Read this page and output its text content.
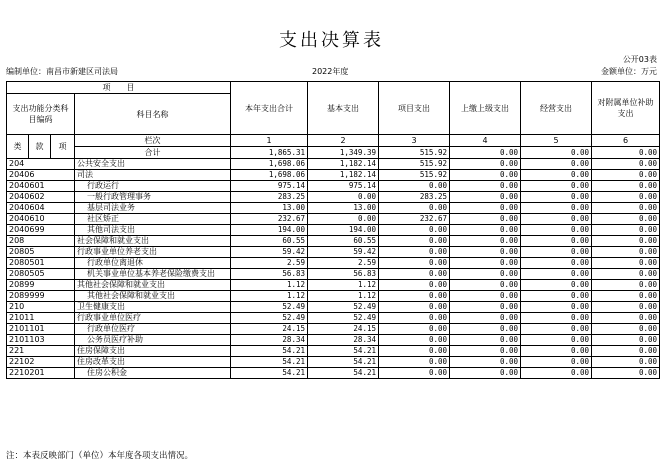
支出决算表
公开03表
编制单位：南昌市新建区司法局	2022年度	金额单位：万元
项　　目				本年支出合计	基本支出	项目支出	上缴上级支出	经营支出	对附属单位补助支出
支出功能分类科目编码			科目名称						
类	款	项							
			栏次	1	2	3	4	5	6
			合计	1,865.31	1,349.39	515.92	0.00	0.00	0.00
204			公共安全支出	1,698.06	1,182.14	515.92	0.00	0.00	0.00
20406			司法	1,698.06	1,182.14	515.92	0.00	0.00	0.00
2040601			行政运行	975.14	975.14	0.00	0.00	0.00	0.00
2040602			一般行政管理事务	283.25	0.00	283.25	0.00	0.00	0.00
2040604			基层司法业务	13.00	13.00	0.00	0.00	0.00	0.00
2040610			社区矫正	232.67	0.00	232.67	0.00	0.00	0.00
2040699			其他司法支出	194.00	194.00	0.00	0.00	0.00	0.00
208			社会保障和就业支出	60.55	60.55	0.00	0.00	0.00	0.00
20805			行政事业单位养老支出	59.42	59.42	0.00	0.00	0.00	0.00
2080501			行政单位离退休	2.59	2.59	0.00	0.00	0.00	0.00
2080505			机关事业单位基本养老保险缴费支出	56.83	56.83	0.00	0.00	0.00	0.00
20899			其他社会保障和就业支出	1.12	1.12	0.00	0.00	0.00	0.00
2089999			其他社会保障和就业支出	1.12	1.12	0.00	0.00	0.00	0.00
210			卫生健康支出	52.49	52.49	0.00	0.00	0.00	0.00
21011			行政事业单位医疗	52.49	52.49	0.00	0.00	0.00	0.00
2101101			行政单位医疗	24.15	24.15	0.00	0.00	0.00	0.00
2101103			公务员医疗补助	28.34	28.34	0.00	0.00	0.00	0.00
221			住房保障支出	54.21	54.21	0.00	0.00	0.00	0.00
22102			住房改革支出	54.21	54.21	0.00	0.00	0.00	0.00
2210201			住房公积金	54.21	54.21	0.00	0.00	0.00	0.00
注：本表反映部门（单位）本年度各项支出情况。
